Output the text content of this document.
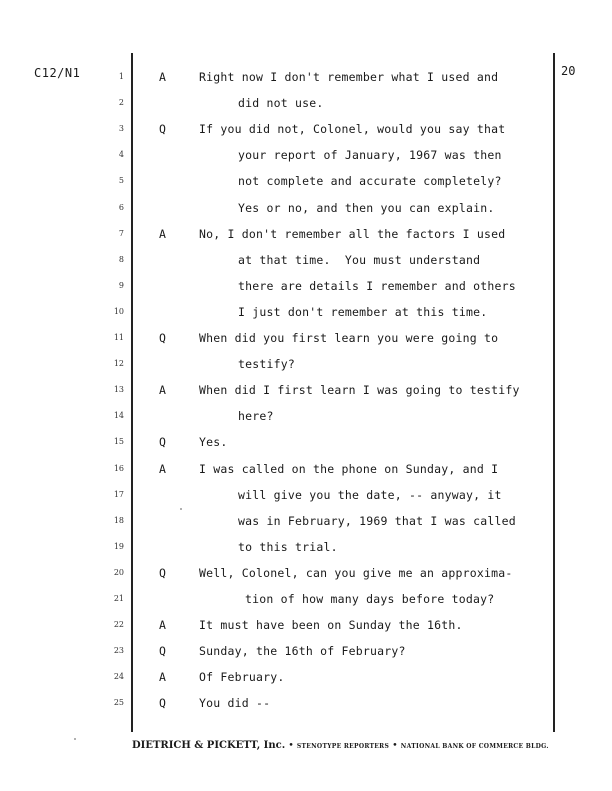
C12/N1	20
1	A	Right now I don't remember what I used and
2	did not use.
3	Q	If you did not, Colonel, would you say that
4	your report of January, 1967 was then
5	not complete and accurate completely?
6	Yes or no, and then you can explain.
7	A	No, I don't remember all the factors I used
8	at that time.  You must understand
9	there are details I remember and others
10	I just don't remember at this time.
11	Q	When did you first learn you were going to
12	testify?
13	A	When did I first learn I was going to testify
14	here?
15	Q	Yes.
16	A	I was called on the phone on Sunday, and I
17	will give you the date, -- anyway, it
18	was in February, 1969 that I was called
19	to this trial.
20	Q	Well, Colonel, can you give me an approxima-
21	tion of how many days before today?
22	A	It must have been on Sunday the 16th.
23	Q	Sunday, the 16th of February?
24	A	Of February.
25	Q	You did --
DIETRICH & PICKETT, Inc. • STENOTYPE REPORTERS • NATIONAL BANK OF COMMERCE BLDG.
